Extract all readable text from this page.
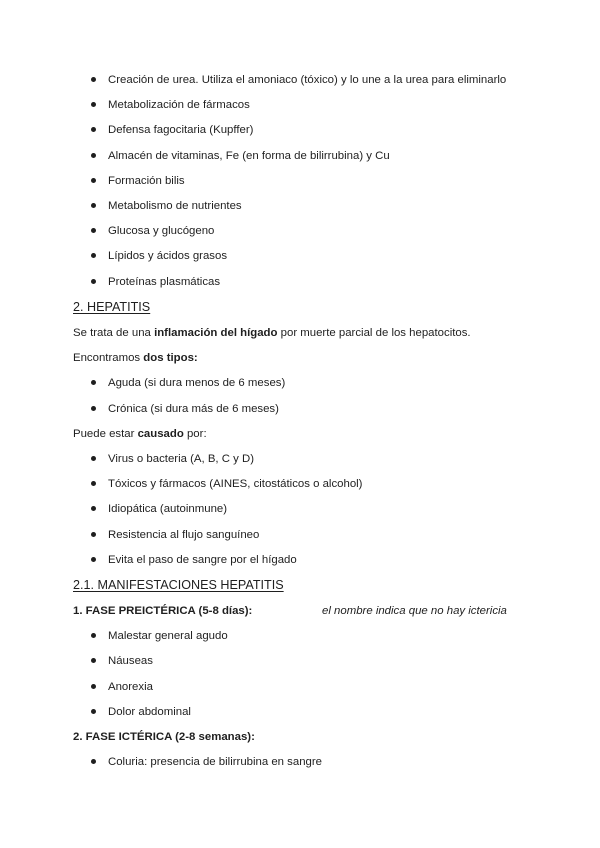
Creación de urea. Utiliza el amoniaco (tóxico) y lo une a la urea para eliminarlo
Metabolización de fármacos
Defensa fagocitaria (Kupffer)
Almacén de vitaminas, Fe (en forma de bilirrubina) y Cu
Formación bilis
Metabolismo de nutrientes
Glucosa y glucógeno
Lípidos y ácidos grasos
Proteínas plasmáticas
2. HEPATITIS
Se trata de una inflamación del hígado por muerte parcial de los hepatocitos.
Encontramos dos tipos:
Aguda (si dura menos de 6 meses)
Crónica (si dura más de 6 meses)
Puede estar causado por:
Virus o bacteria (A, B, C y D)
Tóxicos y fármacos (AINES, citostáticos o alcohol)
Idiopática (autoinmune)
Resistencia al flujo sanguíneo
Evita el paso de sangre por el hígado
2.1. MANIFESTACIONES HEPATITIS
1. FASE PREICTÉRICA (5-8 días):	el nombre indica que no hay ictericia
Malestar general agudo
Náuseas
Anorexia
Dolor abdominal
2. FASE ICTÉRICA (2-8 semanas):
Coluria: presencia de bilirrubina en sangre
